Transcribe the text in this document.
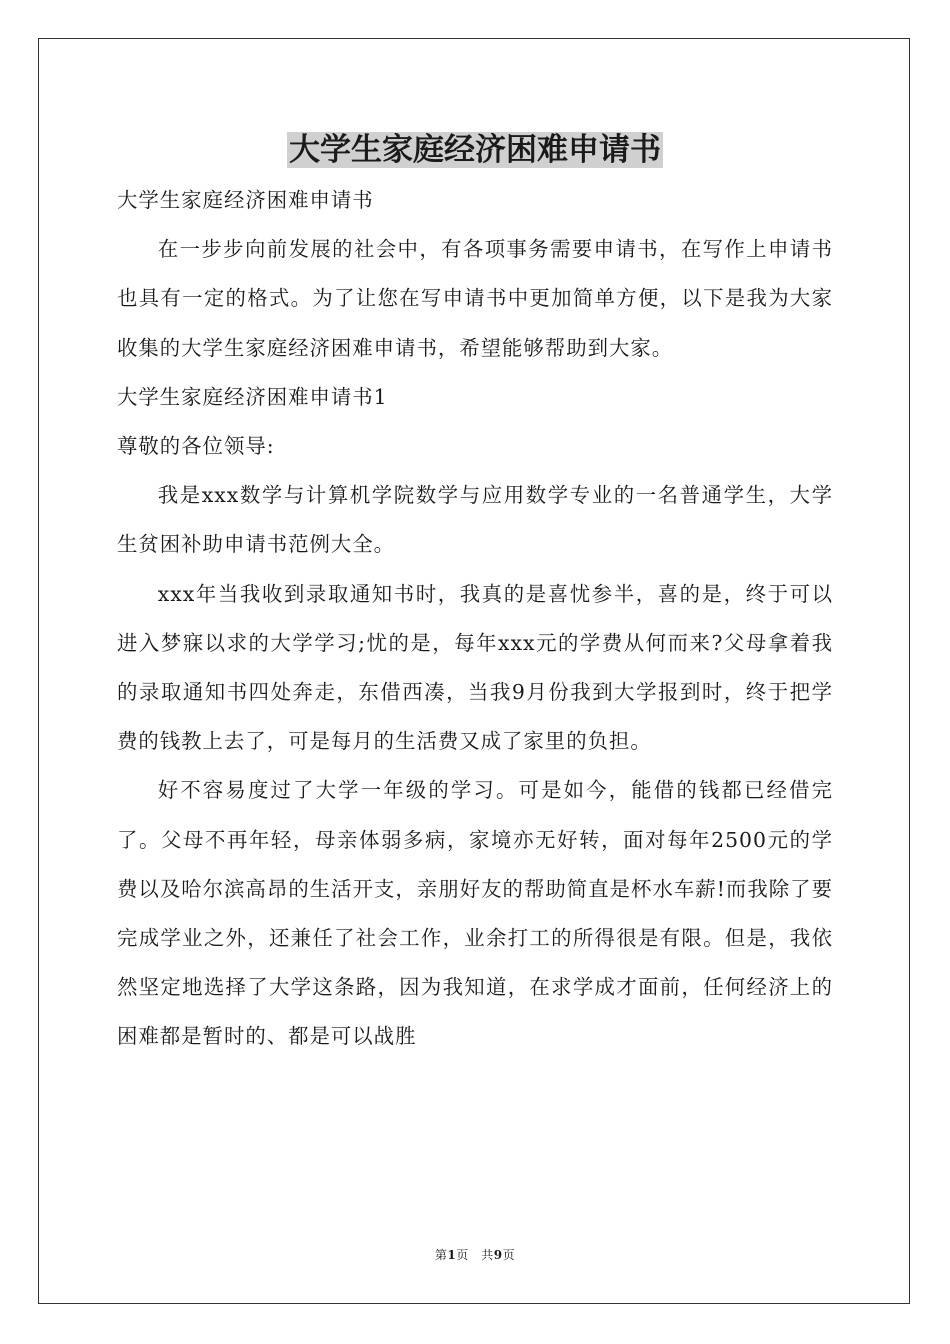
大学生家庭经济困难申请书

大学生家庭经济困难申请书

在一步步向前发展的社会中，有各项事务需要申请书，在写作上申请书也具有一定的格式。为了让您在写申请书中更加简单方便，以下是我为大家收集的大学生家庭经济困难申请书，希望能够帮助到大家。

大学生家庭经济困难申请书1

尊敬的各位领导:

我是xxx数学与计算机学院数学与应用数学专业的一名普通学生，大学生贫困补助申请书范例大全。

xxx年当我收到录取通知书时，我真的是喜忧参半，喜的是，终于可以进入梦寐以求的大学学习;忧的是，每年xxx元的学费从何而来?父母拿着我的录取通知书四处奔走，东借西凑，当我9月份我到大学报到时，终于把学费的钱教上去了，可是每月的生活费又成了家里的负担。

好不容易度过了大学一年级的学习。可是如今，能借的钱都已经借完了。父母不再年轻，母亲体弱多病，家境亦无好转，面对每年2500元的学费以及哈尔滨高昂的生活开支，亲朋好友的帮助简直是杯水车薪!而我除了要完成学业之外，还兼任了社会工作，业余打工的所得很是有限。但是，我依然坚定地选择了大学这条路，因为我知道，在求学成才面前，任何经济上的困难都是暂时的、都是可以战胜

第1页　共9页
